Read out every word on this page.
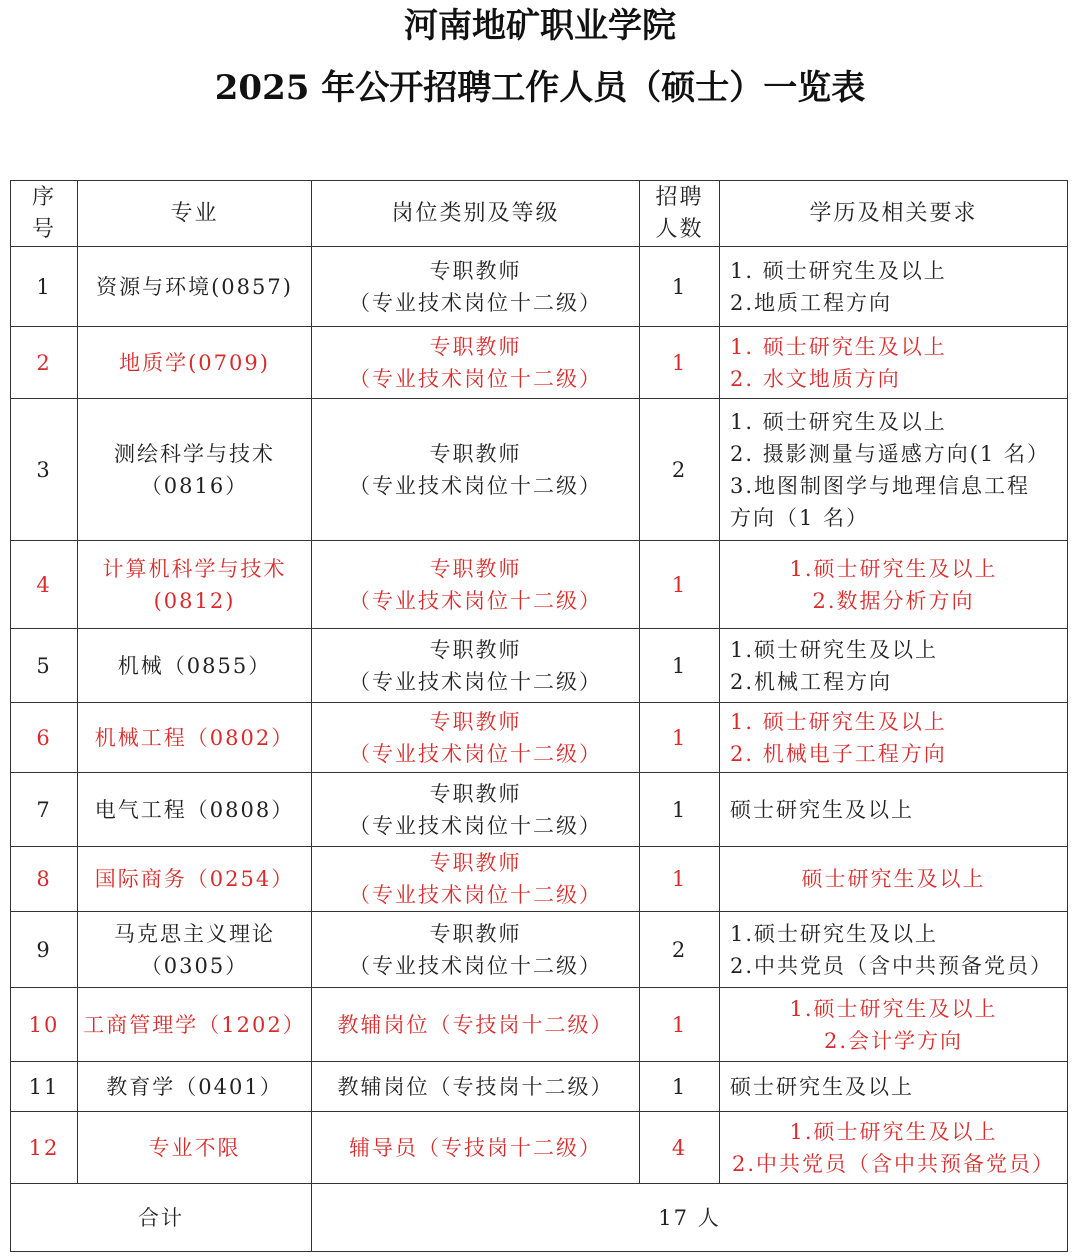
河南地矿职业学院
2025 年公开招聘工作人员（硕士）一览表
序
号	专业	岗位类别及等级	招聘
人数	学历及相关要求
1	资源与环境(0857)	专职教师
（专业技术岗位十二级）	1	1. 硕士研究生及以上
2.地质工程方向

2	地质学(0709)	专职教师
（专业技术岗位十二级）	1	1. 硕士研究生及以上
2. 水文地质方向

3	测绘科学与技术
（0816）	专职教师
（专业技术岗位十二级）	2	1. 硕士研究生及以上
2. 摄影测量与遥感方向(1 名）
3.地图制图学与地理信息工程
方向（1 名）

4	计算机科学与技术
(0812)	专职教师
（专业技术岗位十二级）	1	1.硕士研究生及以上
2.数据分析方向

5	机械（0855）	专职教师
（专业技术岗位十二级）	1	1.硕士研究生及以上
2.机械工程方向

6	机械工程（0802）	专职教师
（专业技术岗位十二级）	1	1. 硕士研究生及以上
2. 机械电子工程方向

7	电气工程（0808）	专职教师
（专业技术岗位十二级）	1	硕士研究生及以上

8	国际商务（0254）	专职教师
（专业技术岗位十二级）	1	硕士研究生及以上

9	马克思主义理论
（0305）	专职教师
（专业技术岗位十二级）	2	1.硕士研究生及以上
2.中共党员（含中共预备党员）

10	工商管理学（1202）	教辅岗位（专技岗十二级）	1	1.硕士研究生及以上
2.会计学方向

11	教育学（0401）	教辅岗位（专技岗十二级）	1	硕士研究生及以上

12	专业不限	辅导员（专技岗十二级）	4	1.硕士研究生及以上
2.中共党员（含中共预备党员）

合计		17 人		
